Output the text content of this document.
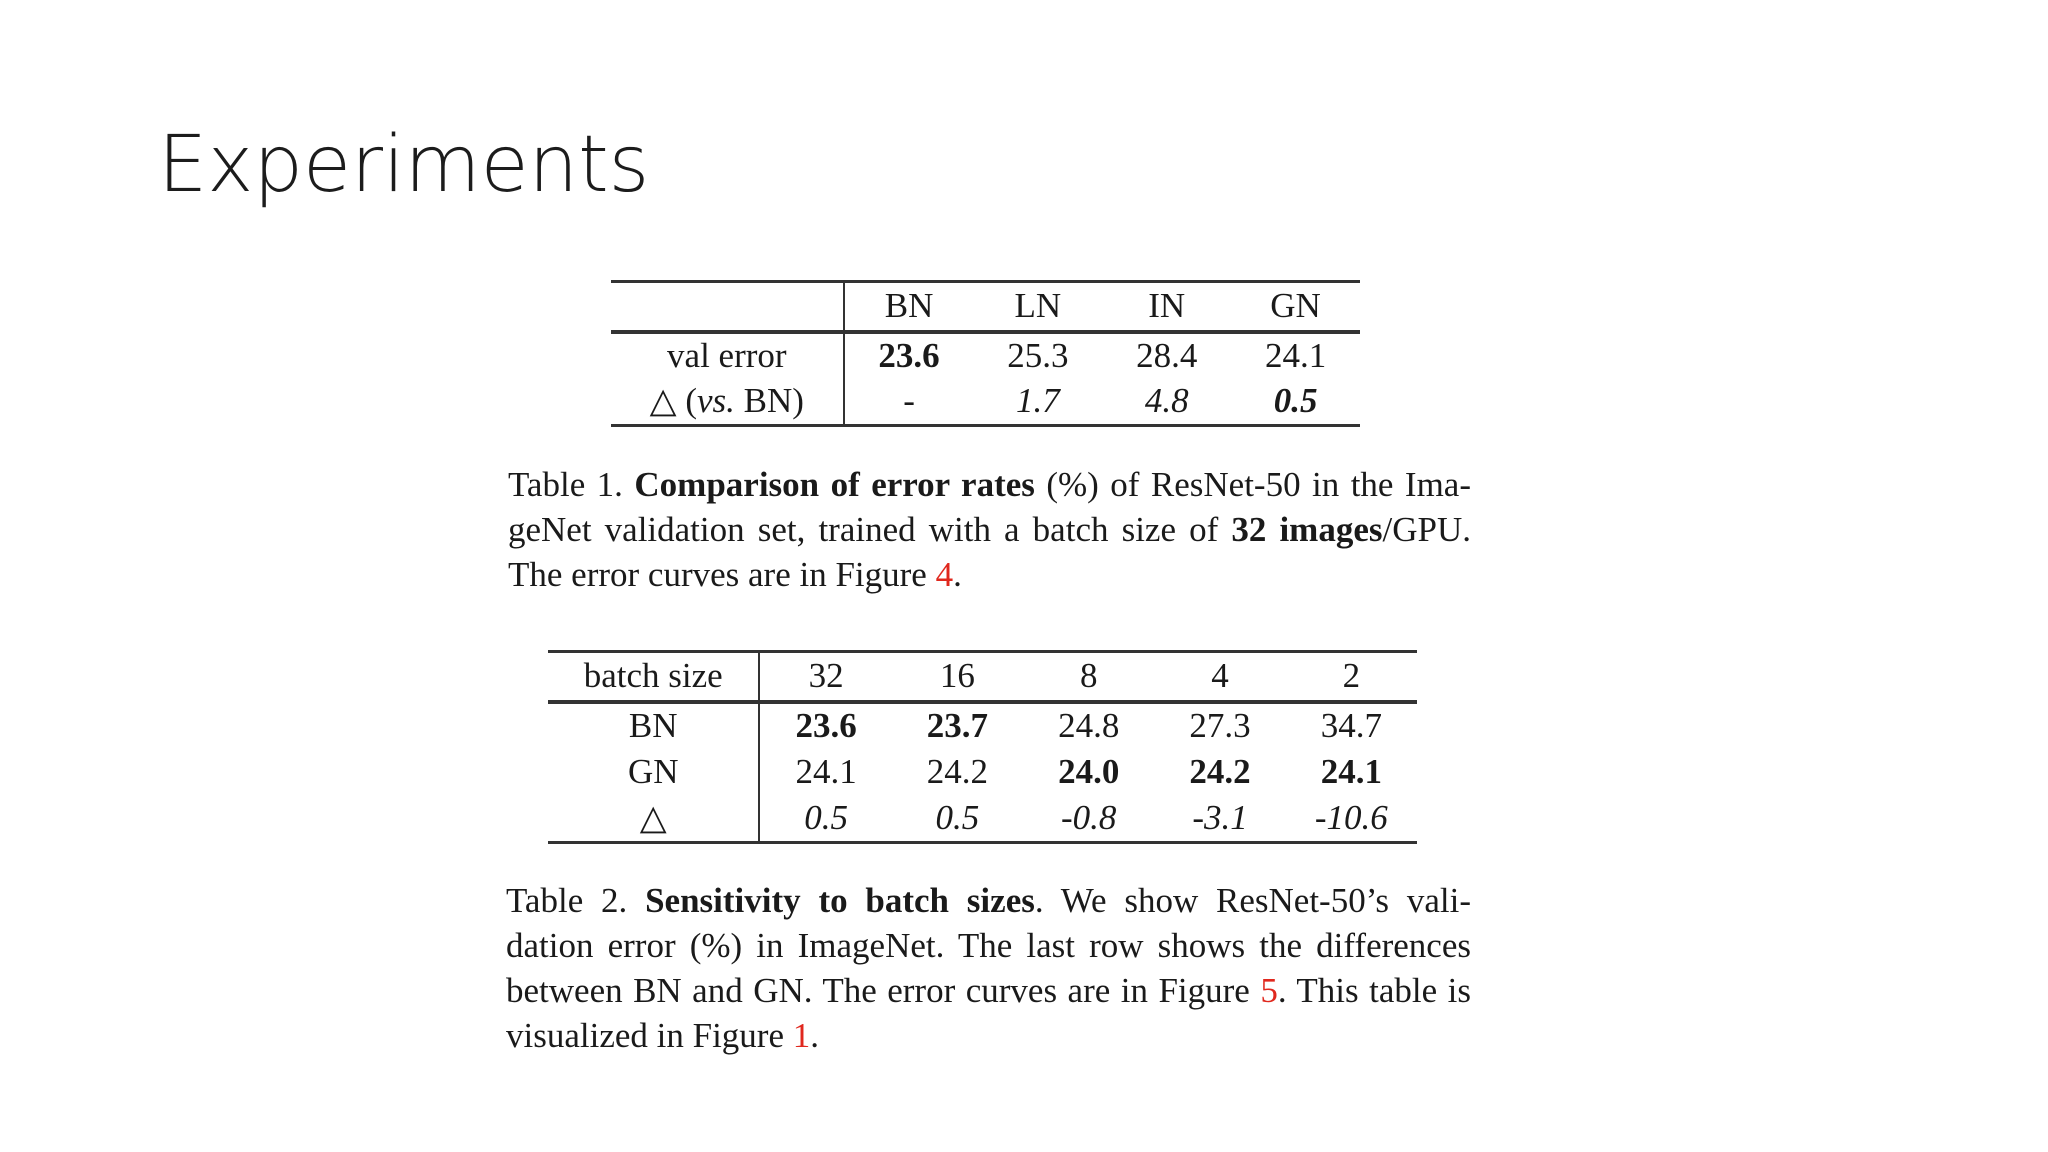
Experiments
	BN	LN	IN	GN
val error	23.6	25.3	28.4	24.1
△ (vs. BN)	-	1.7	4.8	0.5

Table 1. Comparison of error rates (%) of ResNet-50 in the Ima-geNet validation set, trained with a batch size of 32 images/GPU. The error curves are in Figure 4.

batch size	32	16	8	4	2
BN	23.6	23.7	24.8	27.3	34.7
GN	24.1	24.2	24.0	24.2	24.1
△	0.5	0.5	-0.8	-3.1	-10.6

Table 2. Sensitivity to batch sizes. We show ResNet-50’s vali-dation error (%) in ImageNet. The last row shows the differences between BN and GN. The error curves are in Figure 5. This table is visualized in Figure 1.
